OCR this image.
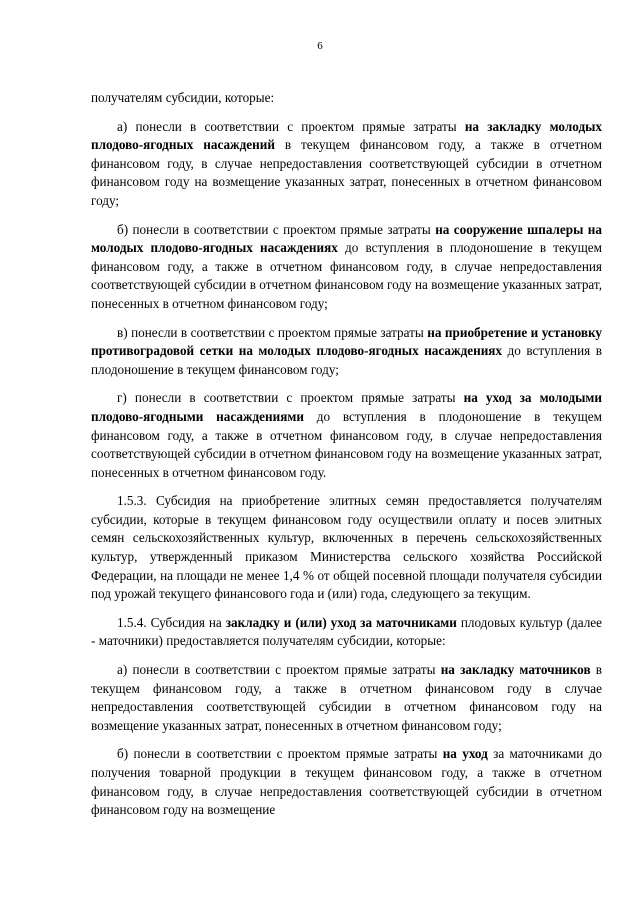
6

получателям субсидии, которые:

а) понесли в соответствии с проектом прямые затраты на закладку молодых плодово-ягодных насаждений в текущем финансовом году, а также в отчетном финансовом году, в случае непредоставления соответствующей субсидии в отчетном финансовом году на возмещение указанных затрат, понесенных в отчетном финансовом году;

б) понесли в соответствии с проектом прямые затраты на сооружение шпалеры на молодых плодово-ягодных насаждениях до вступления в плодоношение в текущем финансовом году, а также в отчетном финансовом году, в случае непредоставления соответствующей субсидии в отчетном финансовом году на возмещение указанных затрат, понесенных в отчетном финансовом году;

в) понесли в соответствии с проектом прямые затраты на приобретение и установку противоградовой сетки на молодых плодово-ягодных насаждениях до вступления в плодоношение в текущем финансовом году;

г) понесли в соответствии с проектом прямые затраты на уход за молодыми плодово-ягодными насаждениями до вступления в плодоношение в текущем финансовом году, а также в отчетном финансовом году, в случае непредоставления соответствующей субсидии в отчетном финансовом году на возмещение указанных затрат, понесенных в отчетном финансовом году.

1.5.3. Субсидия на приобретение элитных семян предоставляется получателям субсидии, которые в текущем финансовом году осуществили оплату и посев элитных семян сельскохозяйственных культур, включенных в перечень сельскохозяйственных культур, утвержденный приказом Министерства сельского хозяйства Российской Федерации, на площади не менее 1,4 % от общей посевной площади получателя субсидии под урожай текущего финансового года и (или) года, следующего за текущим.

1.5.4. Субсидия на закладку и (или) уход за маточниками плодовых культур (далее - маточники) предоставляется получателям субсидии, которые:

а) понесли в соответствии с проектом прямые затраты на закладку маточников в текущем финансовом году, а также в отчетном финансовом году в случае непредоставления соответствующей субсидии в отчетном финансовом году на возмещение указанных затрат, понесенных в отчетном финансовом году;

б) понесли в соответствии с проектом прямые затраты на уход за маточниками до получения товарной продукции в текущем финансовом году, а также в отчетном финансовом году, в случае непредоставления соответствующей субсидии в отчетном финансовом году на возмещение
